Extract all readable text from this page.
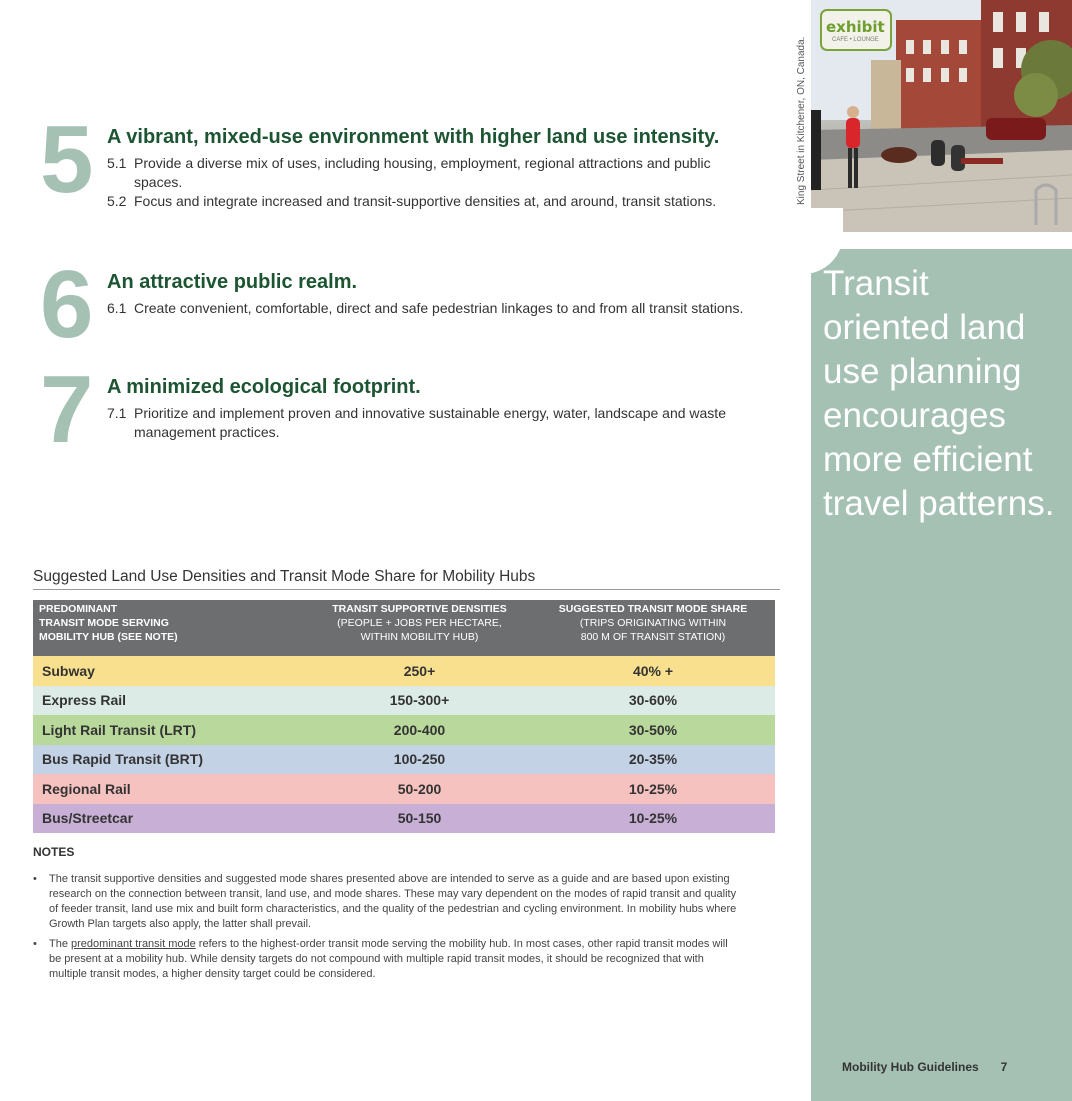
5 A vibrant, mixed-use environment with higher land use intensity.
5.1 Provide a diverse mix of uses, including housing, employment, regional attractions and public spaces.
5.2 Focus and integrate increased and transit-supportive densities at, and around, transit stations.
6 An attractive public realm.
6.1 Create convenient, comfortable, direct and safe pedestrian linkages to and from all transit stations.
7 A minimized ecological footprint.
7.1 Prioritize and implement proven and innovative sustainable energy, water, landscape and waste management practices.
King Street in Kitchener, ON, Canada.
exhibit
CAFE • LOUNGE
Transit oriented land use planning encourages more efficient travel patterns.
Mobility Hub Guidelines 7
Suggested Land Use Densities and Transit Mode Share for Mobility Hubs
PREDOMINANT
TRANSIT MODE SERVING
MOBILITY HUB (SEE NOTE)	TRANSIT SUPPORTIVE DENSITIES
(PEOPLE + JOBS PER HECTARE,
WITHIN MOBILITY HUB)	SUGGESTED TRANSIT MODE SHARE
(TRIPS ORIGINATING WITHIN
800 M OF TRANSIT STATION)

Subway	250+	40% +
Express Rail	150-300+	30-60%
Light Rail Transit (LRT)	200-400	30-50%
Bus Rapid Transit (BRT)	100-250	20-35%
Regional Rail	50-200	10-25%
Bus/Streetcar	50-150	10-25%
NOTES
• The transit supportive densities and suggested mode shares presented above are intended to serve as a guide and are based upon existing research on the connection between transit, land use, and mode shares. These may vary dependent on the modes of rapid transit and quality of feeder transit, land use mix and built form characteristics, and the quality of the pedestrian and cycling environment. In mobility hubs where Growth Plan targets also apply, the latter shall prevail.
• The predominant transit mode refers to the highest-order transit mode serving the mobility hub. In most cases, other rapid transit modes will be present at a mobility hub. While density targets do not compound with multiple rapid transit modes, it should be recognized that with multiple transit modes, a higher density target could be considered.
